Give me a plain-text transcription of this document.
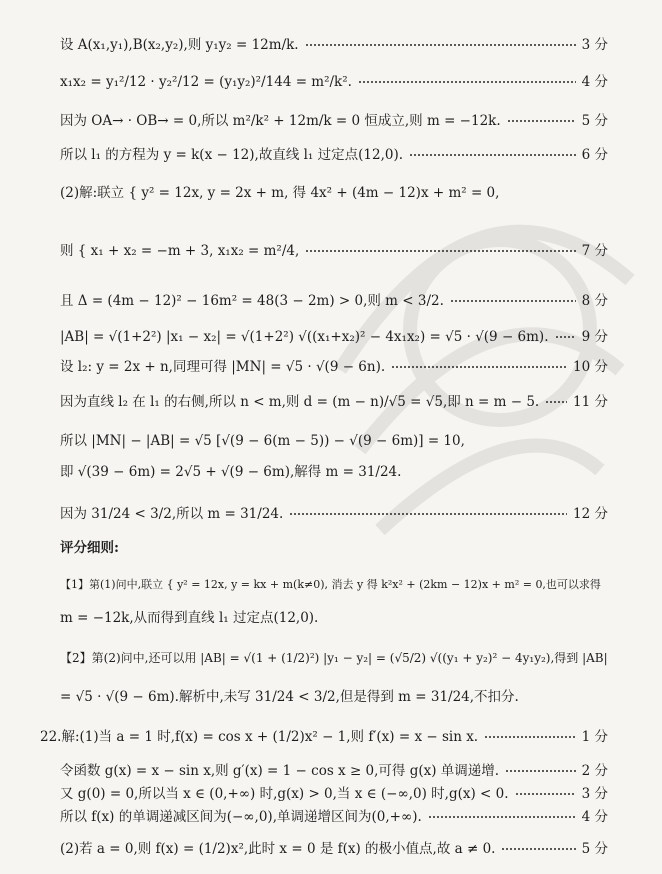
设 A(x₁,y₁),B(x₂,y₂),则 y₁y₂ = 12m/k.	3 分
x₁x₂ = y₁²/12 · y₂²/12 = (y₁y₂)²/144 = m²/k².	4 分
因为 OA→ · OB→ = 0,所以 m²/k² + 12m/k = 0 恒成立,则 m = −12k.	5 分
所以 l₁ 的方程为 y = k(x − 12),故直线 l₁ 过定点(12,0).	6 分
(2)解:联立 { y² = 12x, y = 2x + m, 得 4x² + (4m − 12)x + m² = 0,
则 { x₁ + x₂ = −m + 3, x₁x₂ = m²/4,	7 分
且 Δ = (4m − 12)² − 16m² = 48(3 − 2m) > 0,则 m < 3/2.	8 分
|AB| = √(1+2²) |x₁ − x₂| = √(1+2²) √((x₁+x₂)² − 4x₁x₂) = √5 · √(9 − 6m). 9 分
设 l₂: y = 2x + n,同理可得 |MN| = √5 · √(9 − 6n).	10 分
因为直线 l₂ 在 l₁ 的右侧,所以 n < m,则 d = (m − n)/√5 = √5,即 n = m − 5.	11 分
所以 |MN| − |AB| = √5 [√(9 − 6(m − 5)) − √(9 − 6m)] = 10,
即 √(39 − 6m) = 2√5 + √(9 − 6m),解得 m = 31/24.
因为 31/24 < 3/2,所以 m = 31/24.	12 分
评分细则:
【1】第(1)问中,联立 { y² = 12x, y = kx + m(k≠0), 消去 y 得 k²x² + (2km − 12)x + m² = 0,也可以求得
m = −12k,从而得到直线 l₁ 过定点(12,0).
【2】第(2)问中,还可以用 |AB| = √(1 + (1/2)²) |y₁ − y₂| = (√5/2) √((y₁ + y₂)² − 4y₁y₂),得到 |AB|
= √5 · √(9 − 6m).解析中,未写 31/24 < 3/2,但是得到 m = 31/24,不扣分.
22.解:(1)当 a = 1 时,f(x) = cos x + (1/2)x² − 1,则 f′(x) = x − sin x.	1 分
令函数 g(x) = x − sin x,则 g′(x) = 1 − cos x ≥ 0,可得 g(x) 单调递增.	2 分
又 g(0) = 0,所以当 x ∈ (0,+∞) 时,g(x) > 0,当 x ∈ (−∞,0) 时,g(x) < 0.	3 分
所以 f(x) 的单调递减区间为(−∞,0),单调递增区间为(0,+∞).	4 分
(2)若 a = 0,则 f(x) = (1/2)x²,此时 x = 0 是 f(x) 的极小值点,故 a ≠ 0.	5 分
